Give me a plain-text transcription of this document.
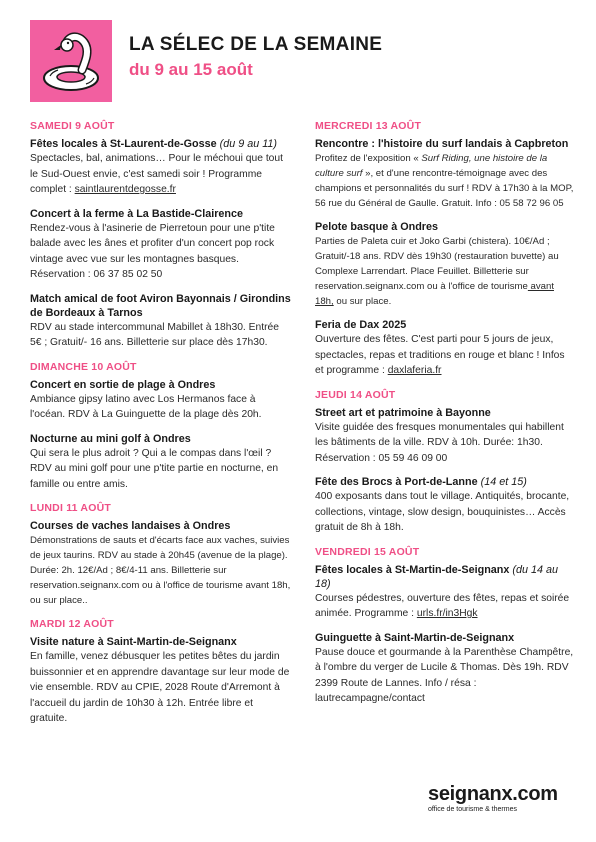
LA SÉLEC DE LA SEMAINE
du 9 au 15 août
SAMEDI 9 AOÛT
Fêtes locales à St-Laurent-de-Gosse (du 9 au 11)
Spectacles, bal, animations… Pour le méchoui que tout le Sud-Ouest envie, c'est samedi soir ! Programme complet : saintlaurentdegosse.fr
Concert à la ferme à La Bastide-Clairence
Rendez-vous à l'asinerie de Pierretoun pour une p'tite balade avec les ânes et profiter d'un concert pop rock vintage avec vue sur les montagnes basques. Réservation : 06 37 85 02 50
Match amical de foot Aviron Bayonnais / Girondins de Bordeaux à Tarnos
RDV au stade intercommunal Mabillet à 18h30. Entrée 5€ ; Gratuit/- 16 ans. Billetterie sur place dès 17h30.
DIMANCHE 10 AOÛT
Concert en sortie de plage à Ondres
Ambiance gipsy latino avec Los Hermanos face à l'océan. RDV à La Guinguette de la plage dès 20h.
Nocturne au mini golf à Ondres
Qui sera le plus adroit ? Qui a le compas dans l'œil ? RDV au mini golf pour une p'tite partie en nocturne, en famille ou entre amis.
LUNDI 11 AOÛT
Courses de vaches landaises à Ondres
Démonstrations de sauts et d'écarts face aux vaches, suivies de jeux taurins. RDV au stade à 20h45 (avenue de la plage). Durée: 2h. 12€/Ad ; 8€/4-11 ans. Billetterie sur reservation.seignanx.com ou à l'office de tourisme avant 18h, ou sur place..
MARDI 12 AOÛT
Visite nature à Saint-Martin-de-Seignanx
En famille, venez débusquer les petites bêtes du jardin buissonnier et en apprendre davantage sur leur mode de vie ensemble. RDV au CPIE, 2028 Route d'Arremont à l'accueil du jardin de 10h30 à 12h. Entrée libre et gratuite.
MERCREDI 13 AOÛT
Rencontre : l'histoire du surf landais à Capbreton
Profitez de l'exposition « Surf Riding, une histoire de la culture surf », et d'une rencontre-témoignage avec des champions et personnalités du surf ! RDV à 17h30 à la MOP, 56 rue du Général de Gaulle. Gratuit. Info : 05 58 72 96 05
Pelote basque à Ondres
Parties de Paleta cuir et Joko Garbi (chistera). 10€/Ad ; Gratuit/-18 ans. RDV dès 19h30 (restauration buvette) au Complexe Larrendart. Place Feuillet. Billetterie sur reservation.seignanx.com ou à l'office de tourisme avant 18h, ou sur place.
Feria de Dax 2025
Ouverture des fêtes. C'est parti pour 5 jours de jeux, spectacles, repas et traditions en rouge et blanc ! Infos et programme : daxlaferia.fr
JEUDI 14 AOÛT
Street art et patrimoine à Bayonne
Visite guidée des fresques monumentales qui habillent les bâtiments de la ville. RDV à 10h. Durée: 1h30. Réservation : 05 59 46 09 00
Fête des Brocs à Port-de-Lanne (14 et 15)
400 exposants dans tout le village. Antiquités, brocante, collections, vintage, slow design, bouquinistes… Accès gratuit de 8h à 18h.
VENDREDI 15 AOÛT
Fêtes locales à St-Martin-de-Seignanx (du 14 au 18)
Courses pédestres, ouverture des fêtes, repas et soirée animée. Programme : urls.fr/in3Hgk
Guinguette à Saint-Martin-de-Seignanx
Pause douce et gourmande à la Parenthèse Champêtre, à l'ombre du verger de Lucile & Thomas. Dès 19h. RDV 2399 Route de Lannes. Info / résa : lautrecampagne/contact
seignanx.com
office de tourisme & thermes
